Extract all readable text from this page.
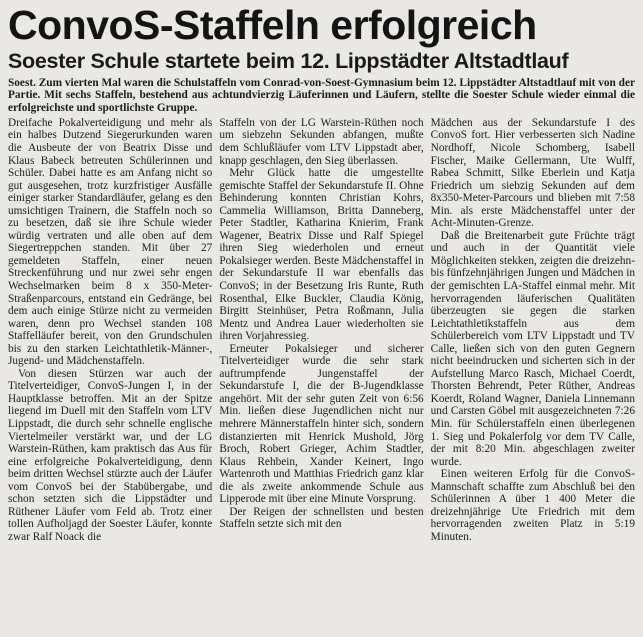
ConvoS-Staffeln erfolgreich
Soester Schule startete beim 12. Lippstädter Altstadtlauf

Soest. Zum vierten Mal waren die Schulstaffeln vom Conrad-von-Soest-Gymnasium beim 12. Lippstädter Altstadtlauf mit von der Partie. Mit sechs Staffeln, bestehend aus achtundvierzig Läuferinnen und Läufern, stellte die Soester Schule wieder einmal die erfolgreichste und sportlichste Gruppe.

Dreifache Pokalverteidigung und mehr als ein halbes Dutzend Siegerurkunden waren die Ausbeute der von Beatrix Disse und Klaus Babeck betreuten Schülerinnen und Schüler. Dabei hatte es am Anfang nicht so gut ausgesehen, trotz kurzfristiger Ausfälle einiger starker Standardläufer, gelang es den umsichtigen Trainern, die Staffeln noch so zu besetzen, daß sie ihre Schule wieder würdig vertraten und alle oben auf dem Siegertreppchen standen. Mit über 27 gemeldeten Staffeln, einer neuen Streckenführung und nur zwei sehr engen Wechselmarken beim 8 x 350-Meter-Straßenparcours, entstand ein Gedränge, bei dem auch einige Stürze nicht zu vermeiden waren, denn pro Wechsel standen 108 Staffelläufer bereit, von den Grundschulen bis zu den starken Leichtathletik-Männer-, Jugend- und Mädchenstaffeln.

Von diesen Stürzen war auch der Titelverteidiger, ConvoS-Jungen I, in der Hauptklasse betroffen. Mit an der Spitze liegend im Duell mit den Staffeln vom LTV Lippstadt, die durch sehr schnelle englische Viertelmeiler verstärkt war, und der LG Warstein-Rüthen, kam praktisch das Aus für eine erfolgreiche Pokalverteidigung, denn beim dritten Wechsel stürzte auch der Läufer vom ConvoS bei der Stabübergabe, und schon setzten sich die Lippstädter und Rüthener Läufer vom Feld ab. Trotz einer tollen Aufholjagd der Soester Läufer, konnte zwar Ralf Noack die

Staffeln von der LG Warstein-Rüthen noch um siebzehn Sekunden abfangen, mußte dem Schlußläufer vom LTV Lippstadt aber, knapp geschlagen, den Sieg überlassen.

Mehr Glück hatte die umgestellte gemischte Staffel der Sekundarstufe II. Ohne Behinderung konnten Christian Kohrs, Cammelia Williamson, Britta Danneberg, Peter Stadtler, Katharina Knierim, Frank Wagener, Beatrix Disse und Ralf Spiegel ihren Sieg wiederholen und erneut Pokalsieger werden. Beste Mädchenstaffel in der Sekundarstufe II war ebenfalls das ConvoS; in der Besetzung Iris Runte, Ruth Rosenthal, Elke Buckler, Claudia König, Birgitt Steinhüser, Petra Roßmann, Julia Mentz und Andrea Lauer wiederholten sie ihren Vorjahressieg.

Erneuter Pokalsieger und sicherer Titelverteidiger wurde die sehr stark auftrumpfende Jungenstaffel der Sekundarstufe I, die der B-Jugendklasse angehört. Mit der sehr guten Zeit von 6:56 Min. ließen diese Jugendlichen nicht nur mehrere Männerstaffeln hinter sich, sondern distanzierten mit Henrick Mushold, Jörg Broch, Robert Grieger, Achim Stadtler, Klaus Rehbein, Xander Keinert, Ingo Wartenroth und Matthias Friedrich ganz klar die als zweite ankommende Schule aus Lipperode mit über eine Minute Vorsprung.

Der Reigen der schnellsten und besten Staffeln setzte sich mit den

Mädchen aus der Sekundarstufe I des ConvoS fort. Hier verbesserten sich Nadine Nordhoff, Nicole Schomberg, Isabell Fischer, Maike Gellermann, Ute Wulff, Rabea Schmitt, Silke Eberlein und Katja Friedrich um siebzig Sekunden auf dem 8x350-Meter-Parcours und blieben mit 7:58 Min. als erste Mädchenstaffel unter der Acht-Minuten-Grenze.

Daß die Breitenarbeit gute Früchte trägt und auch in der Quantität viele Möglichkeiten stekken, zeigten die dreizehn- bis fünfzehnjährigen Jungen und Mädchen in der gemischten LA-Staffel einmal mehr. Mit hervorragenden läuferischen Qualitäten überzeugten sie gegen die starken Leichtathletikstaffeln aus dem Schülerbereich vom LTV Lippstadt und TV Calle, ließen sich von den guten Gegnern nicht beeindrucken und sicherten sich in der Aufstellung Marco Rasch, Michael Coerdt, Thorsten Behrendt, Peter Rüther, Andreas Koerdt, Roland Wagner, Daniela Linnemann und Carsten Göbel mit ausgezeichneten 7:26 Min. für Schülerstaffeln einen überlegenen 1. Sieg und Pokalerfolg vor dem TV Calle, der mit 8:20 Min. abgeschlagen zweiter wurde.

Einen weiteren Erfolg für die ConvoS-Mannschaft schaffte zum Abschluß bei den Schülerinnen A über 1 400 Meter die dreizehnjährige Ute Friedrich mit dem hervorragenden zweiten Platz in 5:19 Minuten.
